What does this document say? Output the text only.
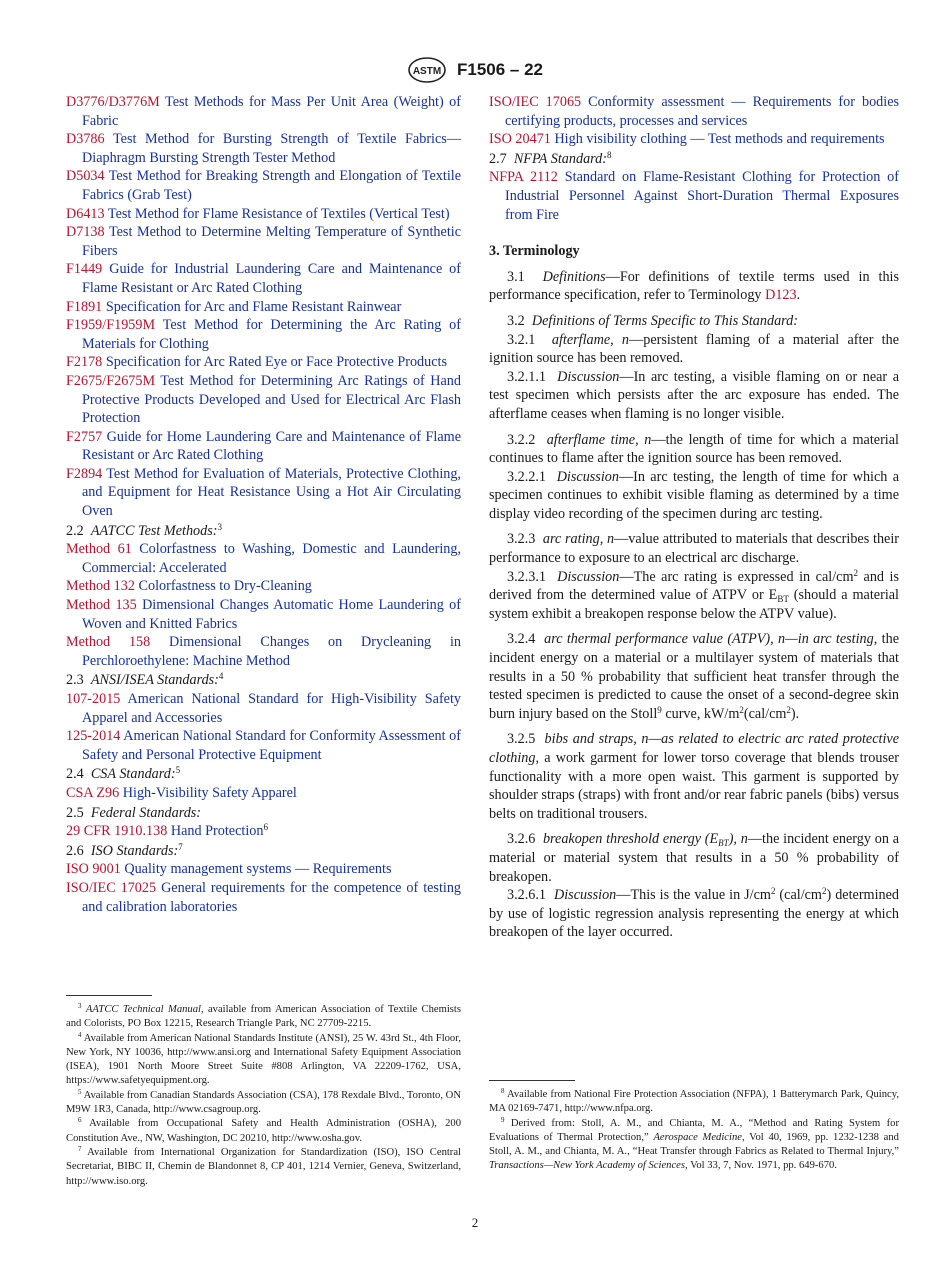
ASTM F1506 – 22

D3776/D3776M Test Methods for Mass Per Unit Area (Weight) of Fabric

D3786 Test Method for Bursting Strength of Textile Fabrics—Diaphragm Bursting Strength Tester Method

D5034 Test Method for Breaking Strength and Elongation of Textile Fabrics (Grab Test)

D6413 Test Method for Flame Resistance of Textiles (Vertical Test)

D7138 Test Method to Determine Melting Temperature of Synthetic Fibers

F1449 Guide for Industrial Laundering Care and Maintenance of Flame Resistant or Arc Rated Clothing

F1891 Specification for Arc and Flame Resistant Rainwear

F1959/F1959M Test Method for Determining the Arc Rating of Materials for Clothing

F2178 Specification for Arc Rated Eye or Face Protective Products

F2675/F2675M Test Method for Determining Arc Ratings of Hand Protective Products Developed and Used for Electrical Arc Flash Protection

F2757 Guide for Home Laundering Care and Maintenance of Flame Resistant or Arc Rated Clothing

F2894 Test Method for Evaluation of Materials, Protective Clothing, and Equipment for Heat Resistance Using a Hot Air Circulating Oven

2.2 AATCC Test Methods:$^3$

Method 61 Colorfastness to Washing, Domestic and Laundering, Commercial: Accelerated

Method 132 Colorfastness to Dry-Cleaning

Method 135 Dimensional Changes Automatic Home Laundering of Woven and Knitted Fabrics

Method 158 Dimensional Changes on Drycleaning in Perchloroethylene: Machine Method

2.3 ANSI/ISEA Standards:$^4$

107-2015 American National Standard for High-Visibility Safety Apparel and Accessories

125-2014 American National Standard for Conformity Assessment of Safety and Personal Protective Equipment

2.4 CSA Standard:$^5$

CSA Z96 High-Visibility Safety Apparel

2.5 Federal Standards:

29 CFR 1910.138 Hand Protection$^6$

2.6 ISO Standards:$^7$

ISO 9001 Quality management systems — Requirements

ISO/IEC 17025 General requirements for the competence of testing and calibration laboratories

ISO/IEC 17065 Conformity assessment — Requirements for bodies certifying products, processes and services

ISO 20471 High visibility clothing — Test methods and requirements

2.7 NFPA Standard:$^8$

NFPA 2112 Standard on Flame-Resistant Clothing for Protection of Industrial Personnel Against Short-Duration Thermal Exposures from Fire

3. Terminology

3.1 Definitions—For definitions of textile terms used in this performance specification, refer to Terminology D123.

3.2 Definitions of Terms Specific to This Standard:

3.2.1 afterflame, n—persistent flaming of a material after the ignition source has been removed.

3.2.1.1 Discussion—In arc testing, a visible flaming on or near a test specimen which persists after the arc exposure has ended. The afterflame ceases when flaming is no longer visible.

3.2.2 afterflame time, n—the length of time for which a material continues to flame after the ignition source has been removed.

3.2.2.1 Discussion—In arc testing, the length of time for which a specimen continues to exhibit visible flaming as determined by a time display video recording of the specimen during arc testing.

3.2.3 arc rating, n—value attributed to materials that describes their performance to exposure to an electrical arc discharge.

3.2.3.1 Discussion—The arc rating is expressed in cal/$cm^2$ and is derived from the determined value of ATPV or $E_{BT}$ (should a material system exhibit a breakopen response below the ATPV value).

3.2.4 arc thermal performance value (ATPV), n—in arc testing, the incident energy on a material or a multilayer system of materials that results in a 50 % probability that sufficient heat transfer through the tested specimen is predicted to cause the onset of a second-degree skin burn injury based on the Stoll$^9$ curve, $kW/m^2(cal/cm^2)$.

3.2.5 bibs and straps, n—as related to electric arc rated protective clothing, a work garment for lower torso coverage that blends trouser functionality with a more open waist. This garment is supported by shoulder straps (straps) with front and/or rear fabric panels (bibs) versus belts on traditional trousers.

3.2.6 breakopen threshold energy $(E_{BT})$, n—the incident energy on a material or material system that results in a 50 % probability of breakopen.

3.2.6.1 Discussion—This is the value in $J/cm^2$ $(cal/cm^2)$ determined by use of logistic regression analysis representing the energy at which breakopen of the layer occurred.

$^3$ AATCC Technical Manual, available from American Association of Textile Chemists and Colorists, PO Box 12215, Research Triangle Park, NC 27709-2215.

$^4$ Available from American National Standards Institute (ANSI), 25 W. 43rd St., 4th Floor, New York, NY 10036, http://www.ansi.org and International Safety Equipment Association (ISEA), 1901 North Moore Street Suite #808 Arlington, VA 22209-1762, USA, https://www.safetyequipment.org.

$^5$ Available from Canadian Standards Association (CSA), 178 Rexdale Blvd., Toronto, ON M9W 1R3, Canada, http://www.csagroup.org.

$^6$ Available from Occupational Safety and Health Administration (OSHA), 200 Constitution Ave., NW, Washington, DC 20210, http://www.osha.gov.

$^7$ Available from International Organization for Standardization (ISO), ISO Central Secretariat, BIBC II, Chemin de Blandonnet 8, CP 401, 1214 Vernier, Geneva, Switzerland, http://www.iso.org.

$^8$ Available from National Fire Protection Association (NFPA), 1 Batterymarch Park, Quincy, MA 02169-7471, http://www.nfpa.org.

$^9$ Derived from: Stoll, A. M., and Chianta, M. A., “Method and Rating System for Evaluations of Thermal Protection,” Aerospace Medicine, Vol 40, 1969, pp. 1232-1238 and Stoll, A. M., and Chianta, M. A., “Heat Transfer through Fabrics as Related to Thermal Injury,” Transactions—New York Academy of Sciences, Vol 33, 7, Nov. 1971, pp. 649-670.

2
